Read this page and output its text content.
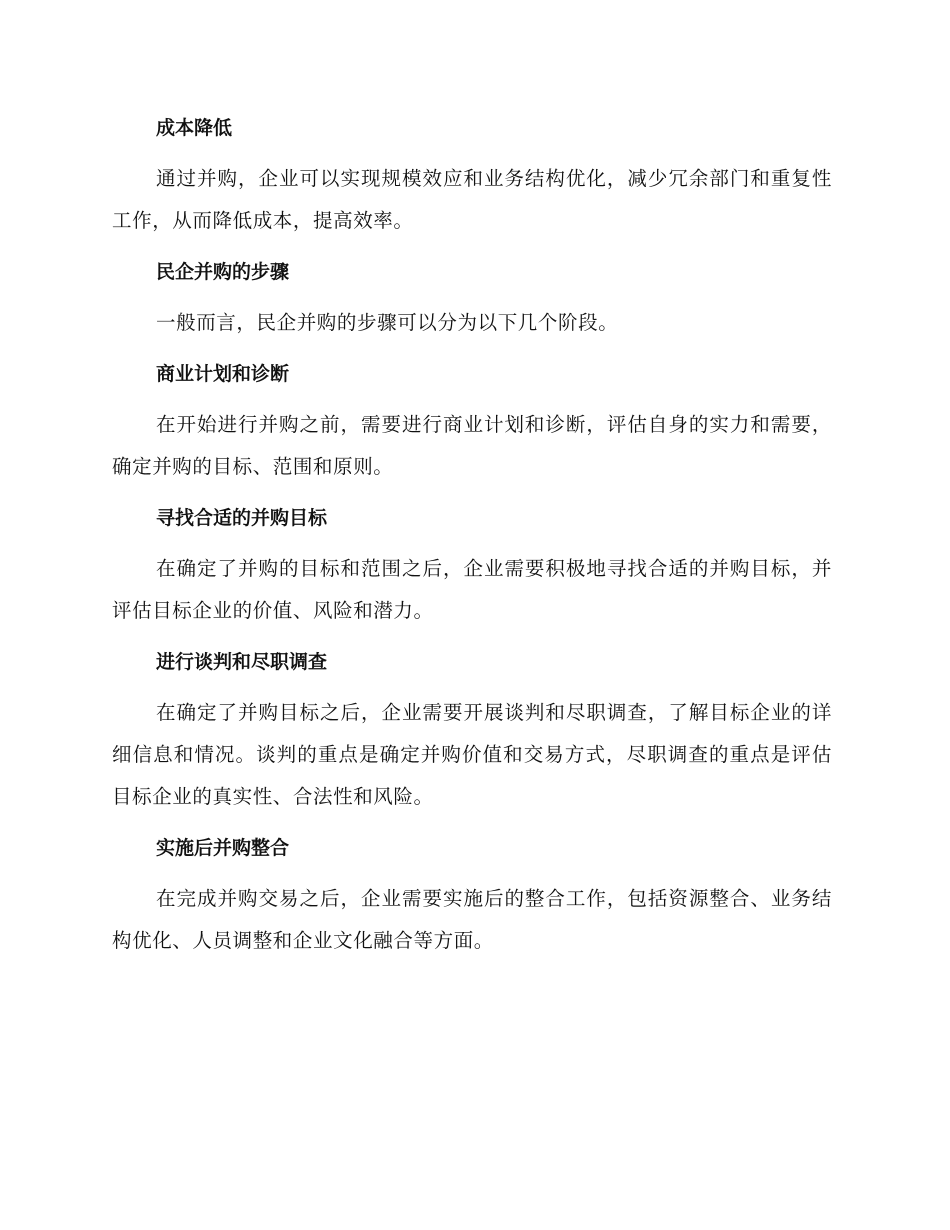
成本降低

通过并购，企业可以实现规模效应和业务结构优化，减少冗余部门和重复性工作，从而降低成本，提高效率。

民企并购的步骤

一般而言，民企并购的步骤可以分为以下几个阶段。

商业计划和诊断

在开始进行并购之前，需要进行商业计划和诊断，评估自身的实力和需要，确定并购的目标、范围和原则。

寻找合适的并购目标

在确定了并购的目标和范围之后，企业需要积极地寻找合适的并购目标，并评估目标企业的价值、风险和潜力。

进行谈判和尽职调查

在确定了并购目标之后，企业需要开展谈判和尽职调查，了解目标企业的详细信息和情况。谈判的重点是确定并购价值和交易方式，尽职调查的重点是评估目标企业的真实性、合法性和风险。

实施后并购整合

在完成并购交易之后，企业需要实施后的整合工作，包括资源整合、业务结构优化、人员调整和企业文化融合等方面。
